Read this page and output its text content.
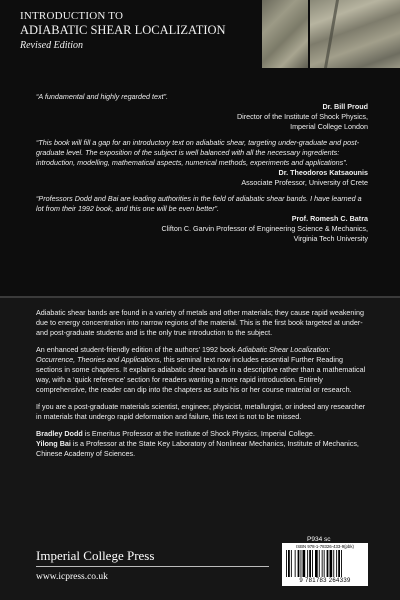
INTRODUCTION TO
ADIABATIC SHEAR LOCALIZATION
Revised Edition
“A fundamental and highly regarded text”.
Dr. Bill Proud
Director of the Institute of Shock Physics,
Imperial College London
“This book will fill a gap for an introductory text on adiabatic shear, targeting under-graduate and post-graduate level. The exposition of the subject is well balanced with all the necessary ingredients: introduction, modelling, mathematical aspects, numerical methods, experiments and applications”.
Dr. Theodoros Katsaounis
Associate Professor, University of Crete
“Professors Dodd and Bai are leading authorities in the field of adiabatic shear bands. I have learned a lot from their 1992 book, and this one will be even better”.
Prof. Romesh C. Batra
Clifton C. Garvin Professor of Engineering Science & Mechanics,
Virginia Tech University

Adiabatic shear bands are found in a variety of metals and other materials; they cause rapid weakening due to energy concentration into narrow regions of the material. This is the first book targeted at under- and post-graduate students and is the only true introduction to the subject.

An enhanced student-friendly edition of the authors’ 1992 book Adiabatic Shear Localization: Occurrence, Theories and Applications, this seminal text now includes essential Further Reading sections in some chapters. It explains adiabatic shear bands in a descriptive rather than a mathematical way, with a ‘quick reference’ section for readers wanting a more rapid introduction. Entirely comprehensive, the reader can dip into the chapters as suits his or her course material or research.

If you are a post-graduate materials scientist, engineer, physicist, metallurgist, or indeed any researcher in materials that undergo rapid deformation and failure, this text is not to be missed.

Bradley Dodd is Emeritus Professor at the Institute of Shock Physics, Imperial College.
Yilong Bai is a Professor at the State Key Laboratory of Nonlinear Mechanics, Institute of Mechanics, Chinese Academy of Sciences.

Imperial College Press
www.icpress.co.uk
P934 sc
ISBN 978-1-78326-433-9(pbk)
9 781783 264339
